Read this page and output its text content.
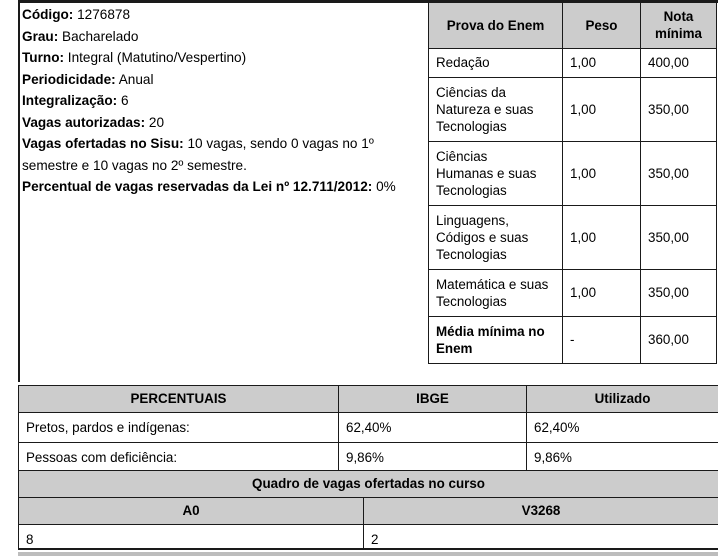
Código: 1276878
Grau: Bacharelado
Turno: Integral (Matutino/Vespertino)
Periodicidade: Anual
Integralização: 6
Vagas autorizadas: 20
Vagas ofertadas no Sisu: 10 vagas, sendo 0 vagas no 1º semestre e 10 vagas no 2º semestre.
Percentual de vagas reservadas da Lei nº 12.711/2012: 0%
Prova do Enem	Peso	Nota mínima

Redação	1,00	400,00

Ciências da Natureza e suas Tecnologias	1,00	350,00

Ciências Humanas e suas Tecnologias	1,00	350,00

Linguagens, Códigos e suas Tecnologias	1,00	350,00

Matemática e suas Tecnologias	1,00	350,00

Média mínima no Enem	-	360,00
PERCENTUAIS	IBGE	Utilizado

Pretos, pardos e indígenas:	62,40%	62,40%

Pessoas com deficiência:	9,86%	9,86%
Quadro de vagas ofertadas no curso	

A0	V3268

8	2
